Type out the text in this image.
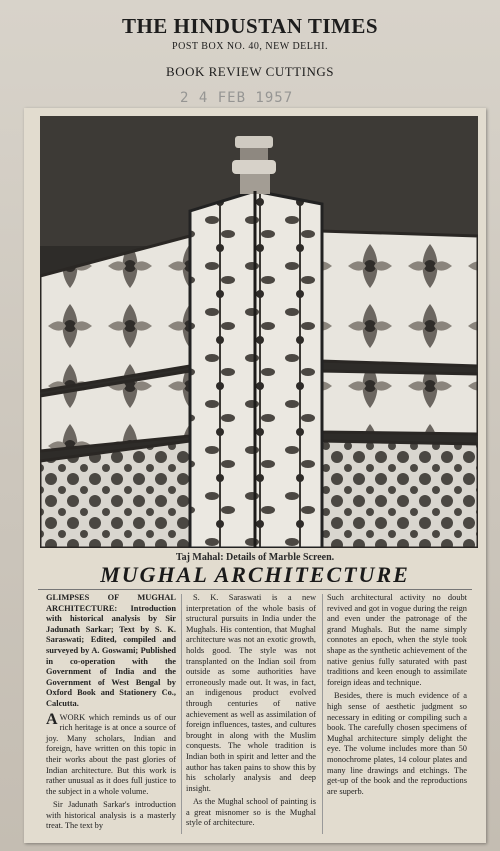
THE HINDUSTAN TIMES
POST BOX NO. 40, NEW DELHI.
BOOK REVIEW CUTTINGS
2 4 FEB 1957
Taj Mahal: Details of Marble Screen.
MUGHAL ARCHITECTURE

GLIMPSES OF MUGHAL ARCHITECTURE: Introduction with historical analysis by Sir Jadunath Sarkar; Text by S. K. Saraswati; Edited, compiled and surveyed by A. Goswami; Published in co-operation with the Government of India and the Government of West Bengal by Oxford Book and Stationery Co., Calcutta.

AWORK which reminds us of our rich heritage is at once a source of joy. Many scholars, Indian and foreign, have written on this topic in their works about the past glories of Indian architecture. But this work is rather unusual as it does full justice to the subject in a whole volume.

Sir Jadunath Sarkar's introduction with historical analysis is a masterly treat. The text by

S. K. Saraswati is a new interpretation of the whole basis of structural pursuits in India under the Mughals. His contention, that Mughal architecture was not an exotic growth, holds good. The style was not transplanted on the Indian soil from outside as some authorities have erroneously made out. It was, in fact, an indigenous product evolved through centuries of native achievement as well as assimilation of foreign influences, tastes, and cultures brought in along with the Muslim conquests. The whole tradition is Indian both in spirit and letter and the author has taken pains to show this by his scholarly analysis and deep insight.

As the Mughal school of painting is a great misnomer so is the Mughal style of architecture.

Such architectural activity no doubt revived and got in vogue during the reign and even under the patronage of the grand Mughals. But the name simply connotes an epoch, when the style took shape as the synthetic achievement of the native genius fully saturated with past traditions and keen enough to assimilate foreign ideas and technique.

Besides, there is much evidence of a high sense of aesthetic judgment so necessary in editing or compiling such a book. The carefully chosen specimens of Mughal architecture simply delight the eye. The volume includes more than 50 monochrome plates, 14 colour plates and many line drawings and etchings. The get-up of the book and the reproductions are superb.
